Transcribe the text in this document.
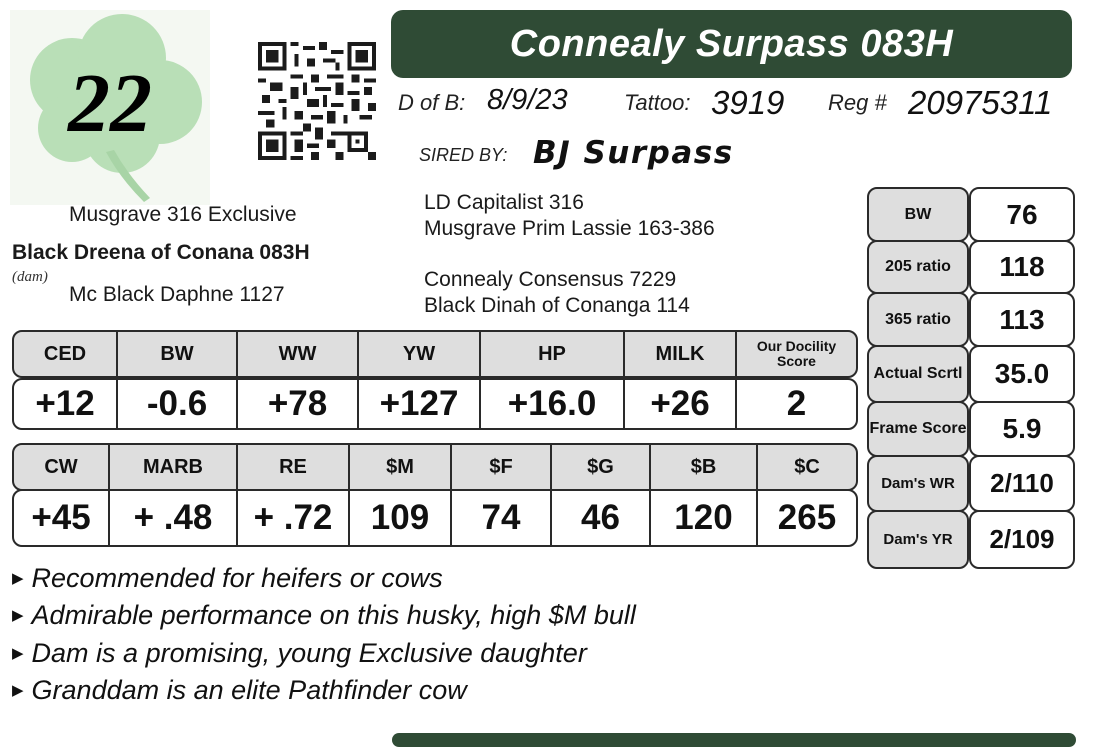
22
Connealy Surpass 083H
D of B: 8/9/23	Tattoo: 3919 Reg # 20975311
SIRED BY: BJ Surpass
Musgrave 316 Exclusive
Black Dreena of Conana 083H
(dam)
Mc Black Daphne 1127
LD Capitalist 316
Musgrave Prim Lassie 163-386
Connealy Consensus 7229
Black Dinah of Conanga 114
CED	BW	WW	YW	HP	MILK	Our Docility Score
+12	-0.6	+78	+127	+16.0	+26	2
CW	MARB	RE	$M	$F	$G	$B	$C
+45	+ .48	+ .72	109	74	46	120	265
BW	76
205 ratio	118
365 ratio	113
Actual Scrtl	35.0
Frame Score	5.9
Dam's WR	2/110
Dam's YR	2/109
▶ Recommended for heifers or cows
▶ Admirable performance on this husky, high $M bull
▶ Dam is a promising, young Exclusive daughter
▶ Granddam is an elite Pathfinder cow
